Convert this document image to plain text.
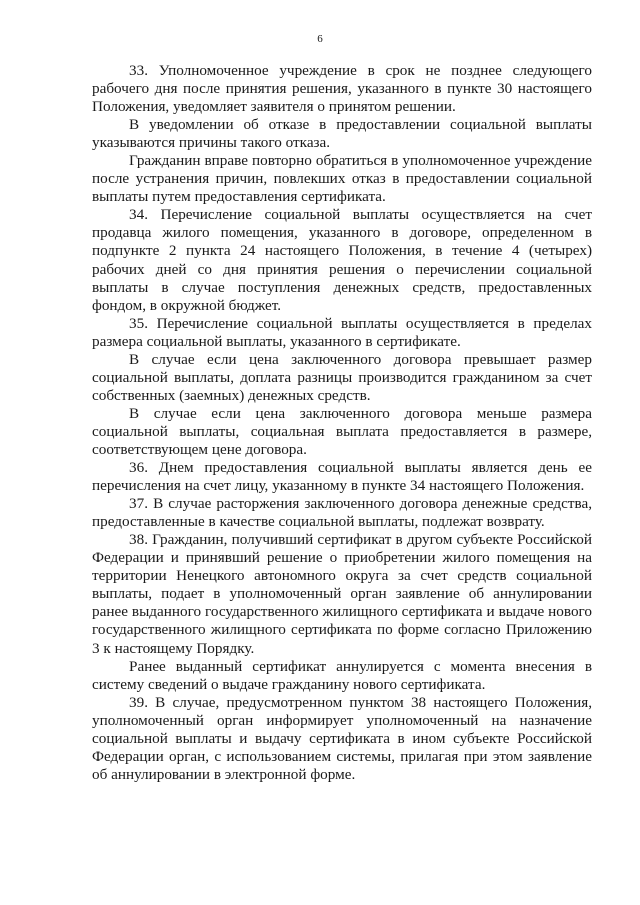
6

33. Уполномоченное учреждение в срок не позднее следующего рабочего дня после принятия решения, указанного в пункте 30 настоящего Положения, уведомляет заявителя о принятом решении.

В уведомлении об отказе в предоставлении социальной выплаты указываются причины такого отказа.

Гражданин вправе повторно обратиться в уполномоченное учреждение после устранения причин, повлекших отказ в предоставлении социальной выплаты путем предоставления сертификата.

34. Перечисление социальной выплаты осуществляется на счет продавца жилого помещения, указанного в договоре, определенном в подпункте 2 пункта 24 настоящего Положения, в течение 4 (четырех) рабочих дней со дня принятия решения о перечислении социальной выплаты в случае поступления денежных средств, предоставленных фондом, в окружной бюджет.

35. Перечисление социальной выплаты осуществляется в пределах размера социальной выплаты, указанного в сертификате.

В случае если цена заключенного договора превышает размер социальной выплаты, доплата разницы производится гражданином за счет собственных (заемных) денежных средств.

В случае если цена заключенного договора меньше размера социальной выплаты, социальная выплата предоставляется в размере, соответствующем цене договора.

36. Днем предоставления социальной выплаты является день ее перечисления на счет лицу, указанному в пункте 34 настоящего Положения.

37. В случае расторжения заключенного договора денежные средства, предоставленные в качестве социальной выплаты, подлежат возврату.

38. Гражданин, получивший сертификат в другом субъекте Российской Федерации и принявший решение о приобретении жилого помещения на территории Ненецкого автономного округа за счет средств социальной выплаты, подает в уполномоченный орган заявление об аннулировании ранее выданного государственного жилищного сертификата и выдаче нового государственного жилищного сертификата по форме согласно Приложению 3 к настоящему Порядку.

Ранее выданный сертификат аннулируется с момента внесения в систему сведений о выдаче гражданину нового сертификата.

39. В случае, предусмотренном пунктом 38 настоящего Положения, уполномоченный орган информирует уполномоченный на назначение социальной выплаты и выдачу сертификата в ином субъекте Российской Федерации орган, с использованием системы, прилагая при этом заявление об аннулировании в электронной форме.
